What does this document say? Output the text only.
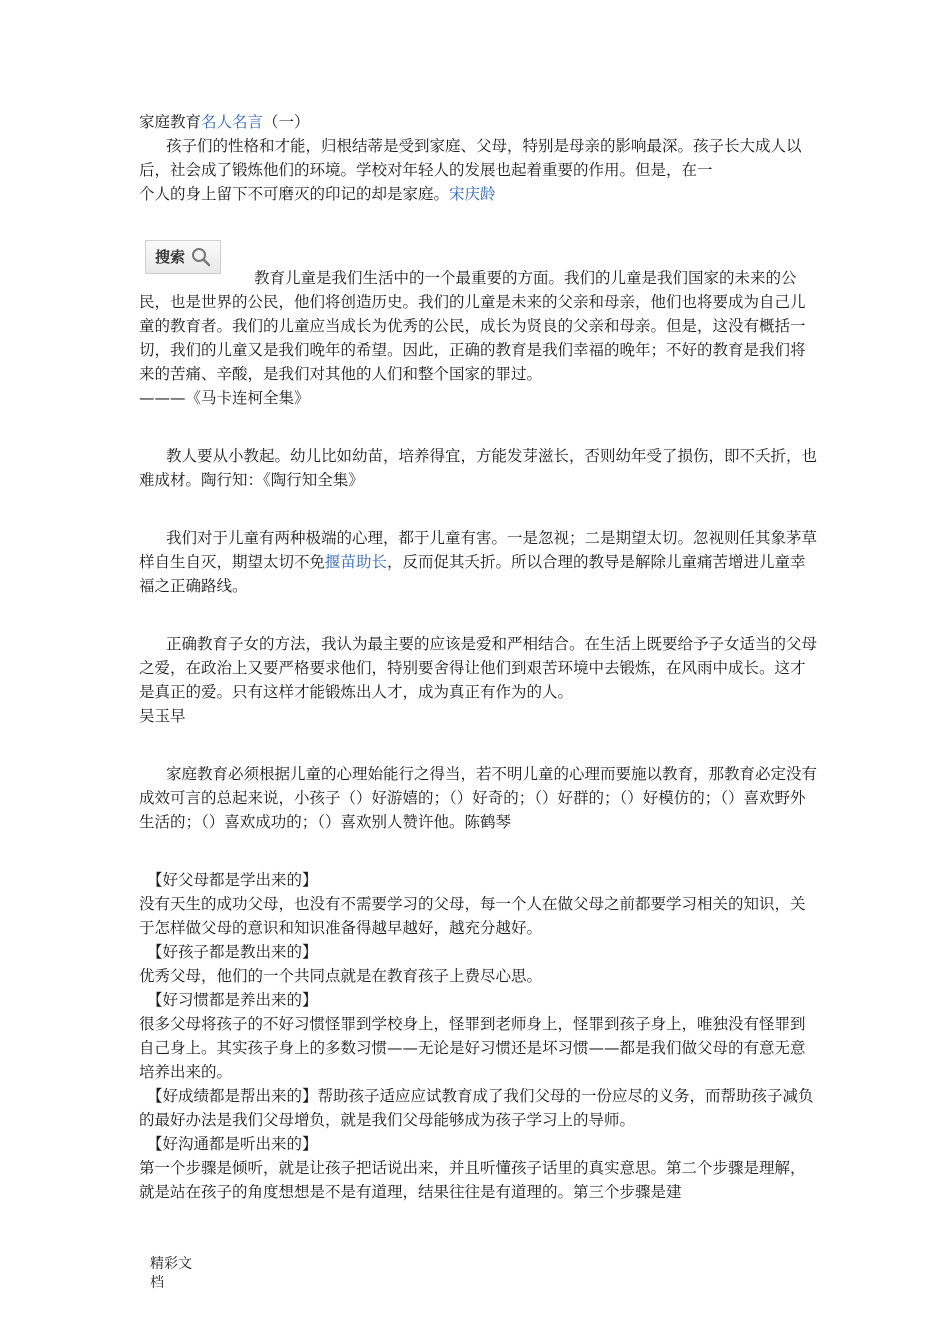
家庭教育名人名言（一）

孩子们的性格和才能，归根结蒂是受到家庭、父母，特别是母亲的影响最深。孩子长大成人以后，社会成了锻炼他们的环境。学校对年轻人的发展也起着重要的作用。但是，在一

个人的身上留下不可磨灭的印记的却是家庭。宋庆龄

搜索

教育儿童是我们生活中的一个最重要的方面。我们的儿童是我们国家的未来的公民，也是世界的公民，他们将创造历史。我们的儿童是未来的父亲和母亲，他们也将要成为自己儿童的教育者。我们的儿童应当成长为优秀的公民，成长为贤良的父亲和母亲。但是，这没有概括一切，我们的儿童又是我们晚年的希望。因此，正确的教育是我们幸福的晚年；不好的教育是我们将来的苦痛、辛酸，是我们对其他的人们和整个国家的罪过。

———《马卡连柯全集》

教人要从小教起。幼儿比如幼苗，培养得宜，方能发芽滋长，否则幼年受了损伤，即不夭折，也难成材。陶行知：《陶行知全集》

我们对于儿童有两种极端的心理，都于儿童有害。一是忽视；二是期望太切。忽视则任其象茅草样自生自灭，期望太切不免揠苗助长，反而促其夭折。所以合理的教导是解除儿童痛苦增进儿童幸福之正确路线。

正确教育子女的方法，我认为最主要的应该是爱和严相结合。在生活上既要给予子女适当的父母之爱，在政治上又要严格要求他们，特别要舍得让他们到艰苦环境中去锻炼，在风雨中成长。这才是真正的爱。只有这样才能锻炼出人才，成为真正有作为的人。

吴玉早

家庭教育必须根据儿童的心理始能行之得当，若不明儿童的心理而要施以教育，那教育必定没有成效可言的总起来说，小孩子（）好游嬉的；（）好奇的；（）好群的；（）好模仿的；（）喜欢野外生活的；（）喜欢成功的；（）喜欢别人赞许他。陈鹤琴

【好父母都是学出来的】

没有天生的成功父母，也没有不需要学习的父母，每一个人在做父母之前都要学习相关的知识，关于怎样做父母的意识和知识准备得越早越好，越充分越好。

【好孩子都是教出来的】

优秀父母，他们的一个共同点就是在教育孩子上费尽心思。

【好习惯都是养出来的】

很多父母将孩子的不好习惯怪罪到学校身上，怪罪到老师身上，怪罪到孩子身上，唯独没有怪罪到自己身上。其实孩子身上的多数习惯——无论是好习惯还是坏习惯——都是我们做父母的有意无意培养出来的。

【好成绩都是帮出来的】帮助孩子适应应试教育成了我们父母的一份应尽的义务，而帮助孩子减负的最好办法是我们父母增负，就是我们父母能够成为孩子学习上的导师。

【好沟通都是听出来的】

第一个步骤是倾听，就是让孩子把话说出来，并且听懂孩子话里的真实意思。第二个步骤是理解，就是站在孩子的角度想想是不是有道理，结果往往是有道理的。第三个步骤是建

精彩文
档
